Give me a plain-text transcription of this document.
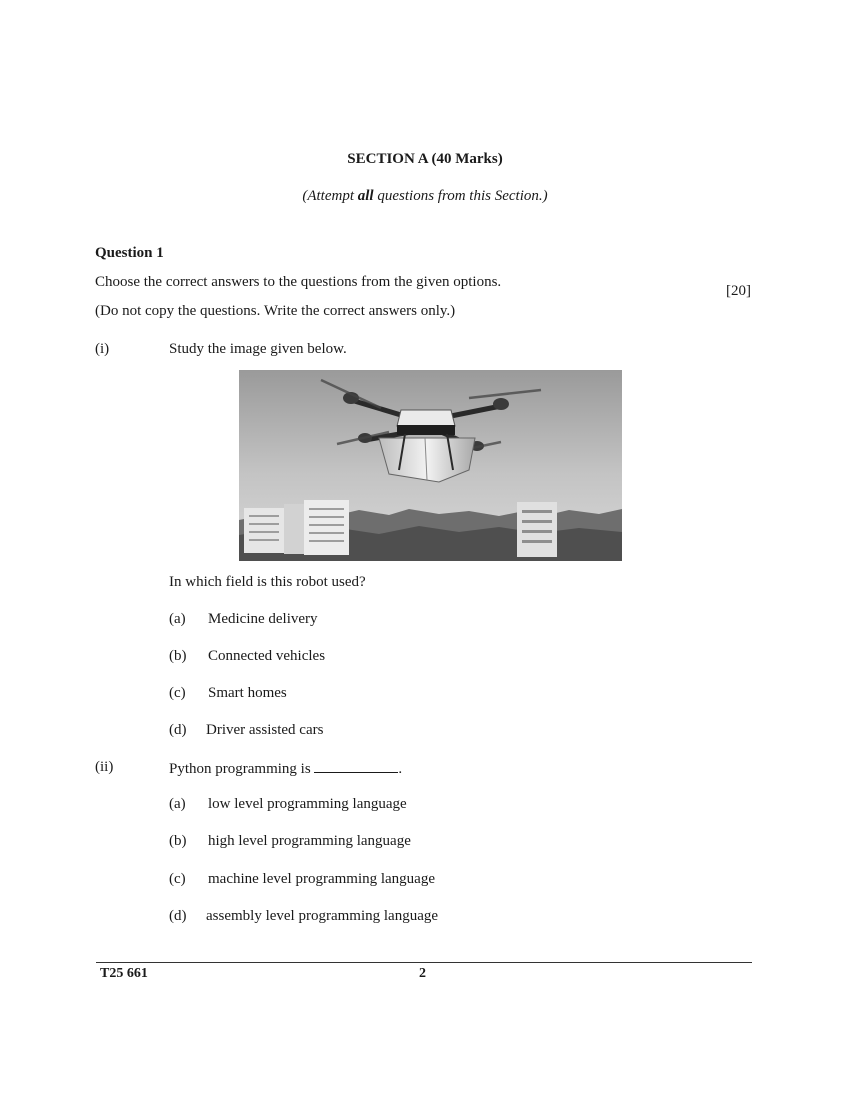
SECTION A (40 Marks)
(Attempt all questions from this Section.)
Question 1
Choose the correct answers to the questions from the given options.
[20]
(Do not copy the questions. Write the correct answers only.)
(i)	Study the image given below.
In which field is this robot used?
(a) Medicine delivery
(b) Connected vehicles
(c) Smart homes
(d) Driver assisted cars
(ii)	Python programming is	.
(a) low level programming language
(b) high level programming language
(c) machine level programming language
(d) assembly level programming language
T25 661	2
